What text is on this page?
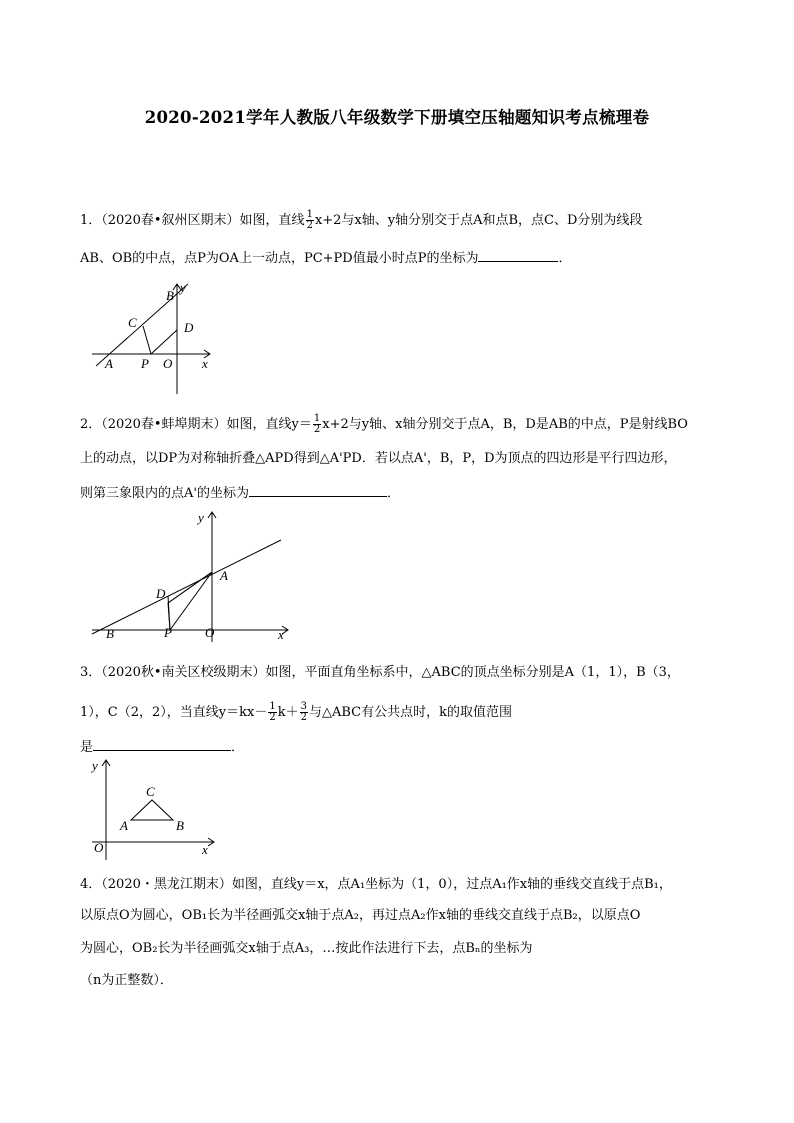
2020-2021学年人教版八年级数学下册填空压轴题知识考点梳理卷
1．（2020春•叙州区期末）如图，直线 $\frac{1}{2} x+2$与x轴、y轴分别交于点A和点B，点C、D分别为线段
AB、OB的中点，点P为OA上一动点，PC+PD值最小时点P的坐标为	．
B
y
C	D
A P O x
2．（2020春•蚌埠期末）如图，直线$y= \frac{1}{2} x+2$与y轴、x轴分别交于点A，B，D是AB的中点，P是射线BO
上的动点，以DP为对称轴折叠△APD得到△A'PD．若以点A'，B，P，D为顶点的四边形是平行四边形，
则第三象限内的点A'的坐标为	．
y
D
A
B	P	O	x
3．（2020秋•南关区校级期末）如图，平面直角坐标系中，△ABC的顶点坐标分别是A（1，1），B（3，
1），C（2，2），当直线$y=kx- \frac{1}{2} k+ \frac{3}{2}$ 与△ABC有公共点时，k的取值范围
是	．
y
C
A	B
O	x
4．（2020・黑龙江期末）如图，直线y＝x，点A₁坐标为（1，0），过点A₁作x轴的垂线交直线于点B₁，
以原点O为圆心，OB₁长为半径画弧交x轴于点A₂，再过点A₂作x轴的垂线交直线于点B₂，以原点O
为圆心，OB₂长为半径画弧交x轴于点A₃，…按此作法进行下去，点Bₙ的坐标为
（n为正整数）．
